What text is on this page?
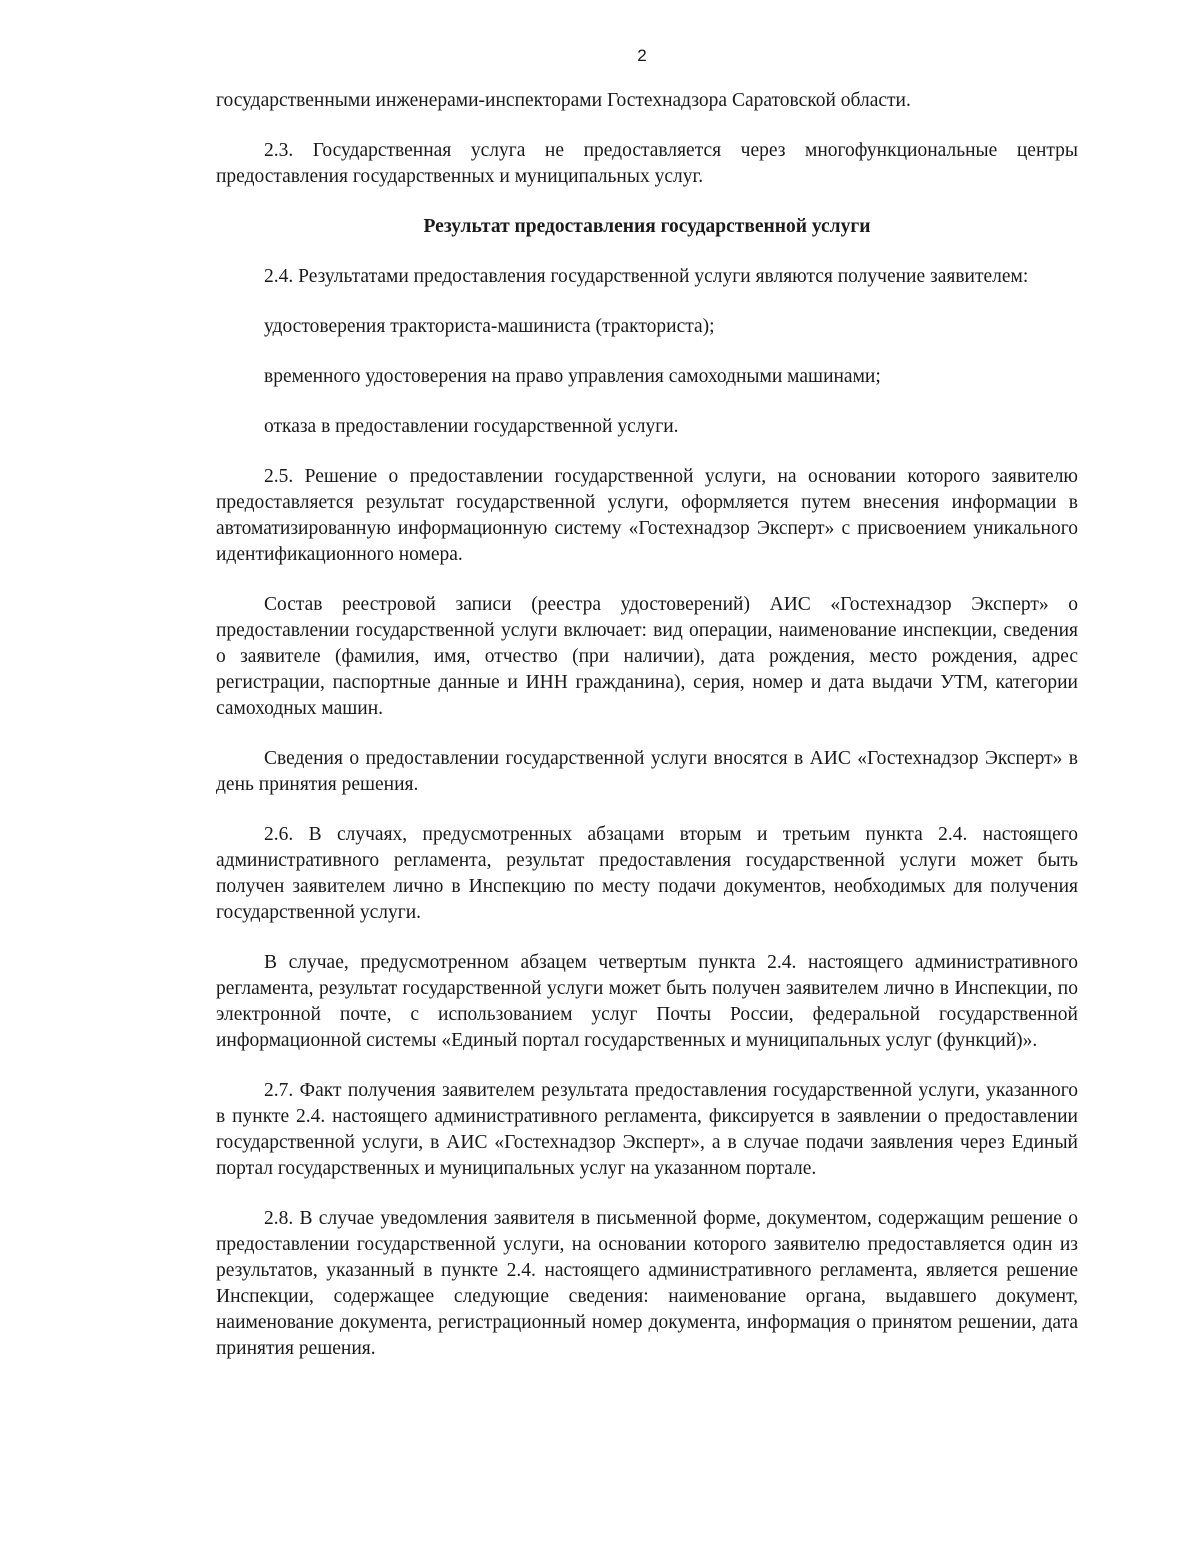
2

государственными инженерами-инспекторами Гостехнадзора Саратовской области.

2.3. Государственная услуга не предоставляется через многофункциональные центры предоставления государственных и муниципальных услуг.

Результат предоставления государственной услуги

2.4. Результатами предоставления государственной услуги являются получение заявителем:

удостоверения тракториста-машиниста (тракториста);

временного удостоверения на право управления самоходными машинами;

отказа в предоставлении государственной услуги.

2.5. Решение о предоставлении государственной услуги, на основании которого заявителю предоставляется результат государственной услуги, оформляется путем внесения информации в автоматизированную информационную систему «Гостехнадзор Эксперт» с присвоением уникального идентификационного номера.

Состав реестровой записи (реестра удостоверений) АИС «Гостехнадзор Эксперт» о предоставлении государственной услуги включает: вид операции, наименование инспекции, сведения о заявителе (фамилия, имя, отчество (при наличии), дата рождения, место рождения, адрес регистрации, паспортные данные и ИНН гражданина), серия, номер и дата выдачи УТМ, категории самоходных машин.

Сведения о предоставлении государственной услуги вносятся в АИС «Гостехнадзор Эксперт» в день принятия решения.

2.6. В случаях, предусмотренных абзацами вторым и третьим пункта 2.4. настоящего административного регламента, результат предоставления государственной услуги может быть получен заявителем лично в Инспекцию по месту подачи документов, необходимых для получения государственной услуги.

В случае, предусмотренном абзацем четвертым пункта 2.4. настоящего административного регламента, результат государственной услуги может быть получен заявителем лично в Инспекции, по электронной почте, с использованием услуг Почты России, федеральной государственной информационной системы «Единый портал государственных и муниципальных услуг (функций)».

2.7. Факт получения заявителем результата предоставления государственной услуги, указанного в пункте 2.4. настоящего административного регламента, фиксируется в заявлении о предоставлении государственной услуги, в АИС «Гостехнадзор Эксперт», а в случае подачи заявления через Единый портал государственных и муниципальных услуг на указанном портале.

2.8. В случае уведомления заявителя в письменной форме, документом, содержащим решение о предоставлении государственной услуги, на основании которого заявителю предоставляется один из результатов, указанный в пункте 2.4. настоящего административного регламента, является решение Инспекции, содержащее следующие сведения: наименование органа, выдавшего документ, наименование документа, регистрационный номер документа, информация о принятом решении, дата принятия решения.
